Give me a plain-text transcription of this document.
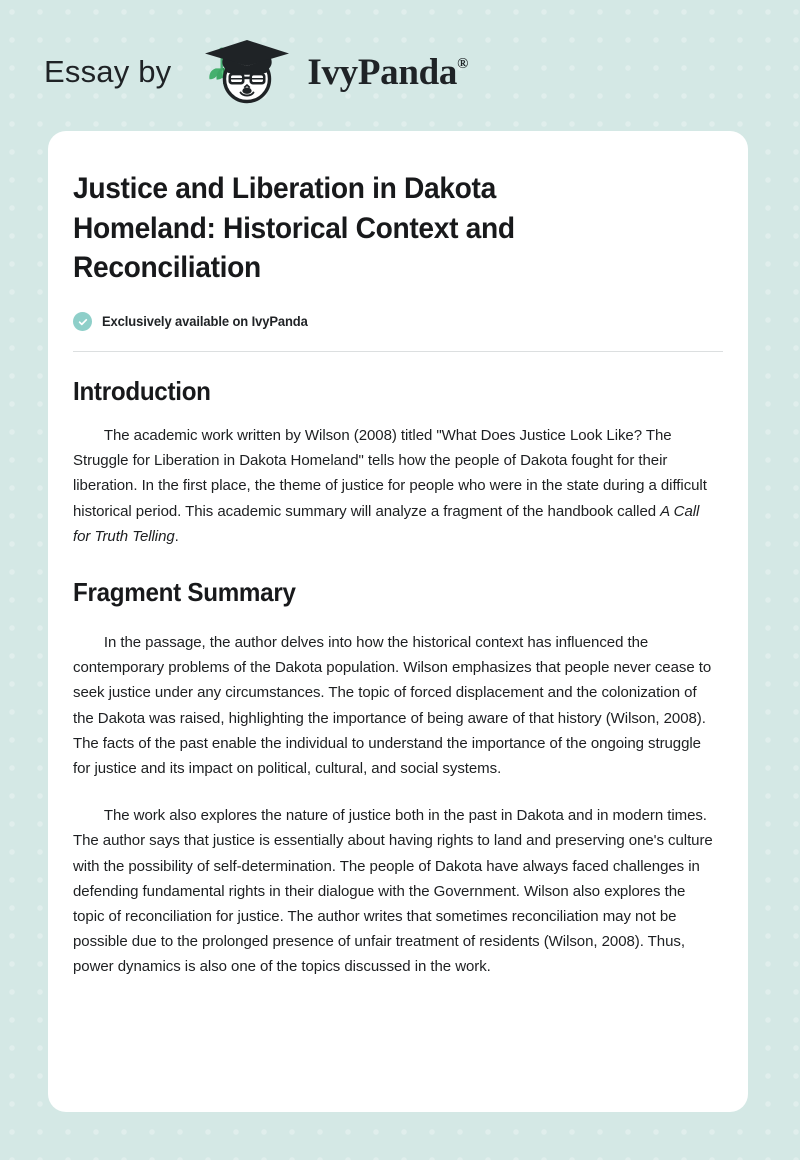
Essay by	IvyPanda®
Justice and Liberation in Dakota Homeland: Historical Context and Reconciliation
Exclusively available on IvyPanda
Introduction

The academic work written by Wilson (2008) titled "What Does Justice Look Like? The Struggle for Liberation in Dakota Homeland" tells how the people of Dakota fought for their liberation. In the first place, the theme of justice for people who were in the state during a difficult historical period. This academic summary will analyze a fragment of the handbook called A Call for Truth Telling.

Fragment Summary

In the passage, the author delves into how the historical context has influenced the contemporary problems of the Dakota population. Wilson emphasizes that people never cease to seek justice under any circumstances. The topic of forced displacement and the colonization of the Dakota was raised, highlighting the importance of being aware of that history (Wilson, 2008). The facts of the past enable the individual to understand the importance of the ongoing struggle for justice and its impact on political, cultural, and social systems.

The work also explores the nature of justice both in the past in Dakota and in modern times. The author says that justice is essentially about having rights to land and preserving one's culture with the possibility of self-determination. The people of Dakota have always faced challenges in defending fundamental rights in their dialogue with the Government. Wilson also explores the topic of reconciliation for justice. The author writes that sometimes reconciliation may not be possible due to the prolonged presence of unfair treatment of residents (Wilson, 2008). Thus, power dynamics is also one of the topics discussed in the work.
